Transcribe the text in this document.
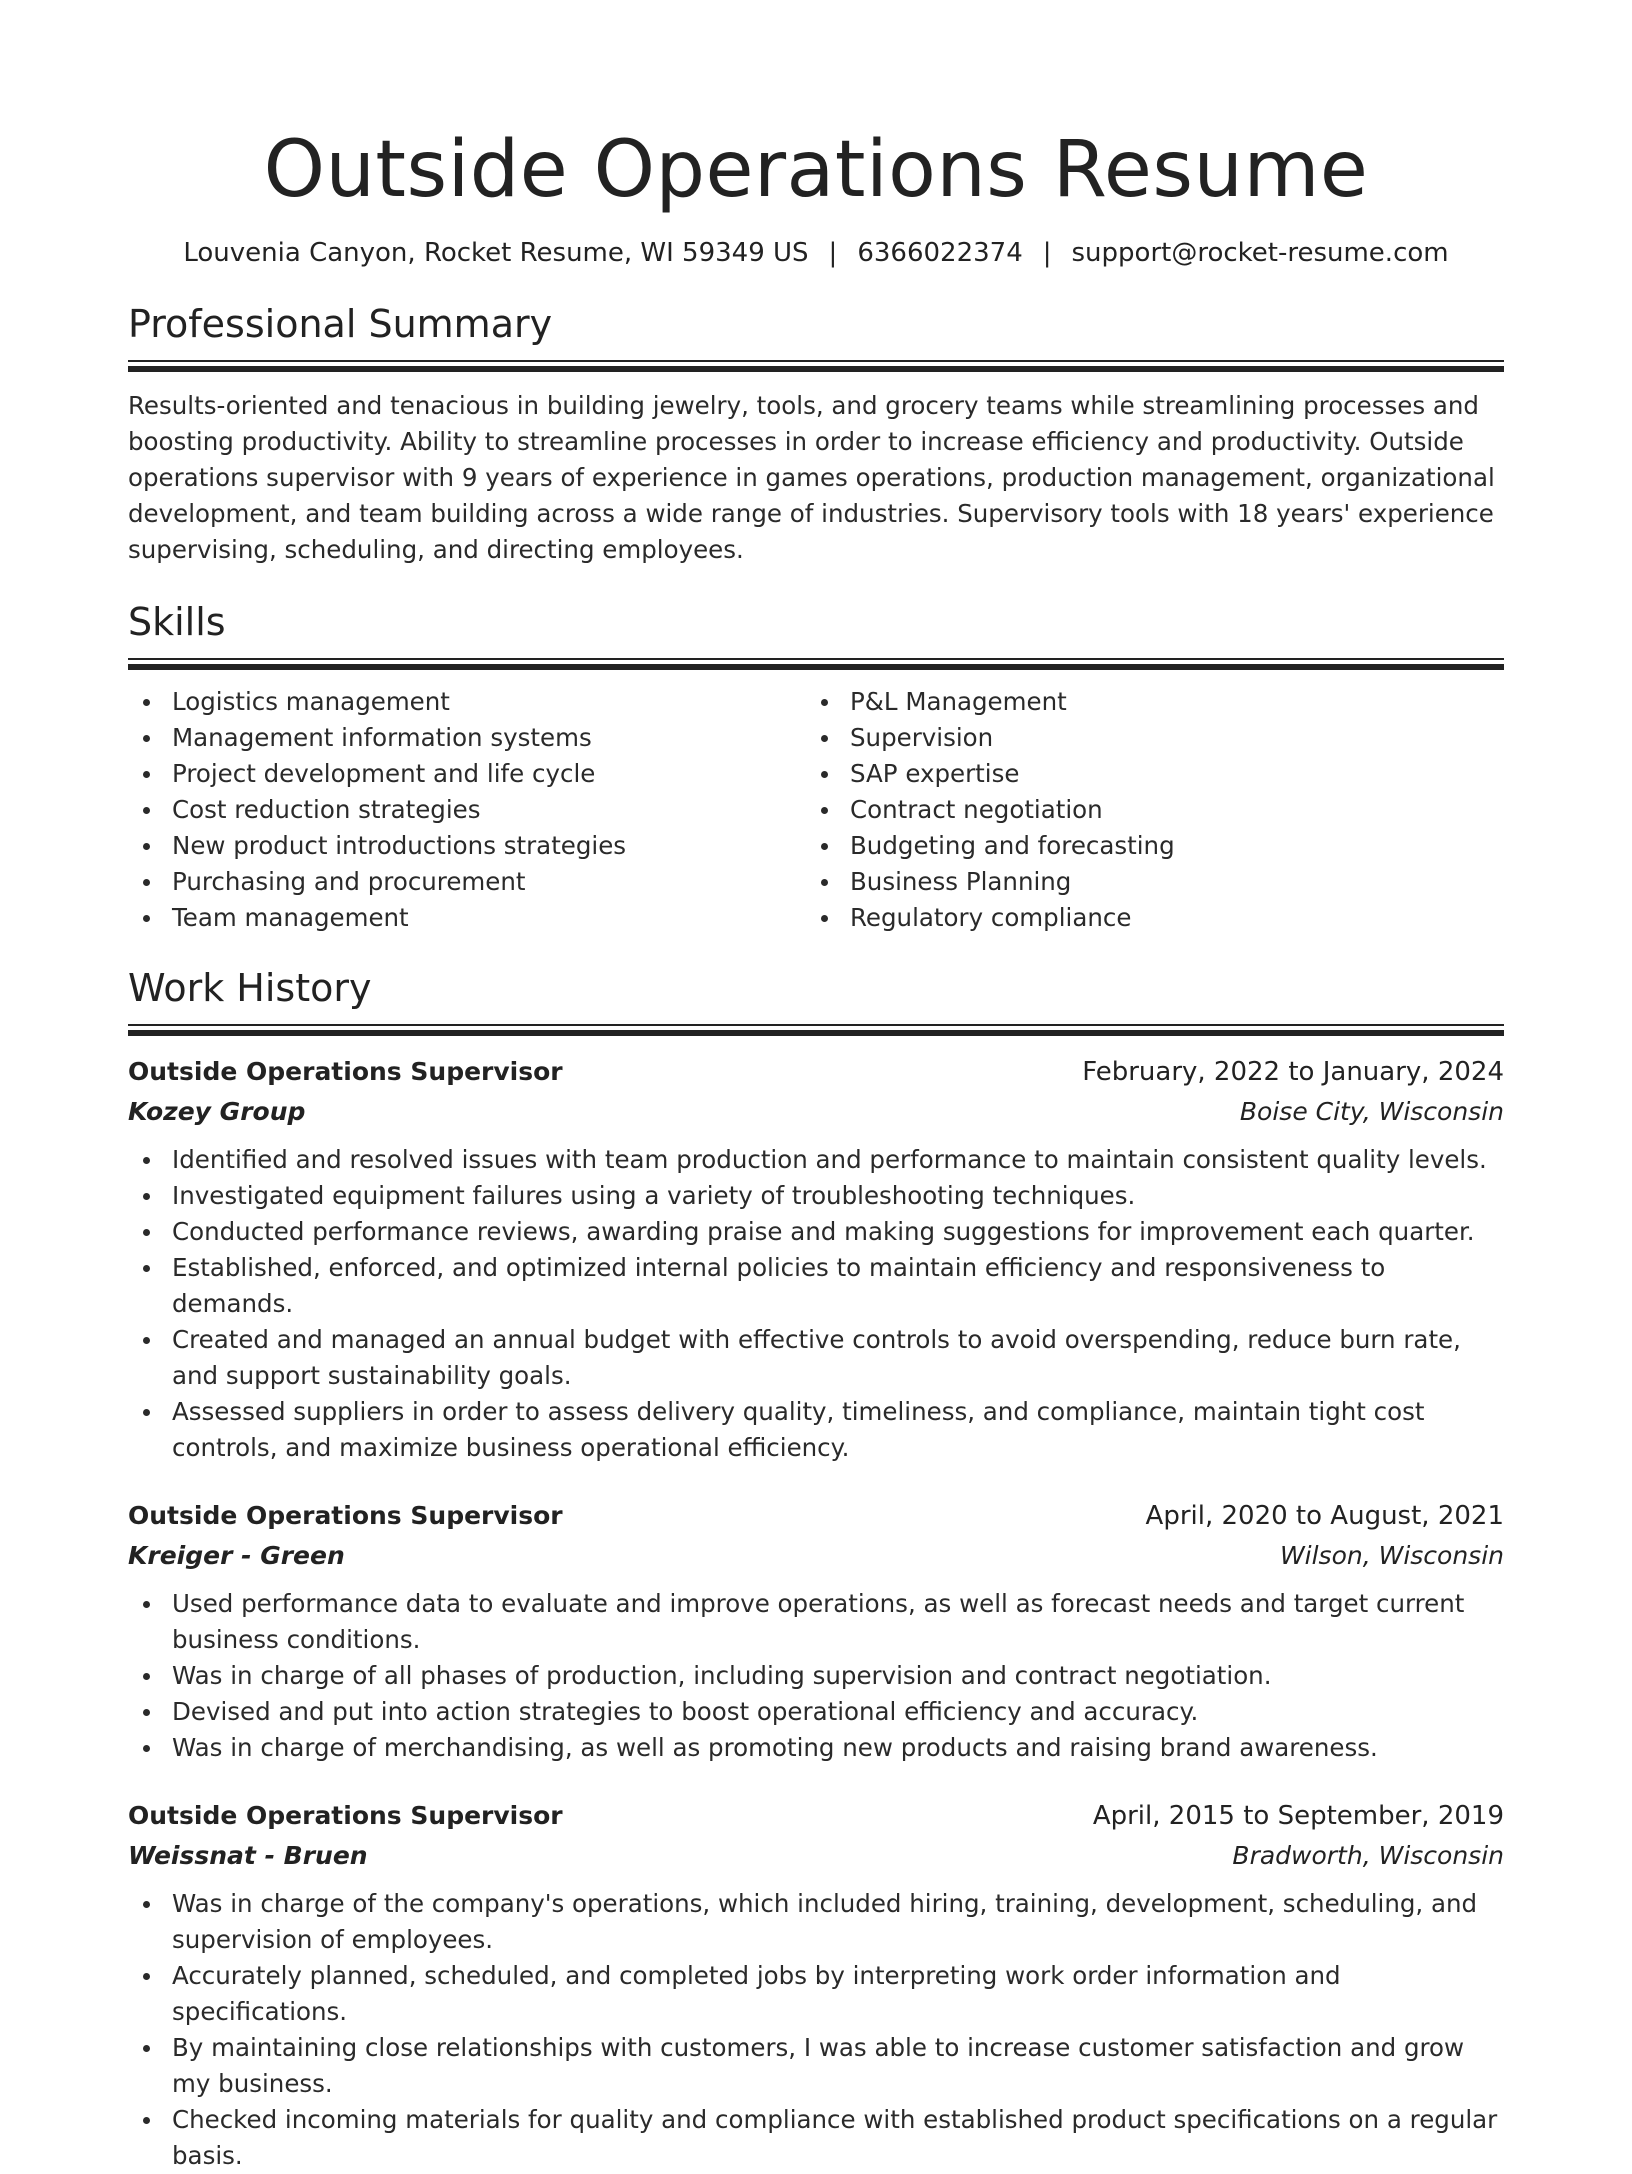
Outside Operations Resume
Louvenia Canyon, Rocket Resume, WI 59349 US | 6366022374 | support@rocket-resume.com
Professional Summary

Results-oriented and tenacious in building jewelry, tools, and grocery teams while streamlining processes and boosting productivity. Ability to streamline processes in order to increase efficiency and productivity. Outside operations supervisor with 9 years of experience in games operations, production management, organizational development, and team building across a wide range of industries. Supervisory tools with 18 years' experience supervising, scheduling, and directing employees.

Skills
Logistics management
Management information systems
Project development and life cycle
Cost reduction strategies
New product introductions strategies
Purchasing and procurement
Team management
P&L Management
Supervision
SAP expertise
Contract negotiation
Budgeting and forecasting
Business Planning
Regulatory compliance
Work History
Outside Operations Supervisor	February, 2022 to January, 2024
Kozey Group	Boise City, Wisconsin
Identified and resolved issues with team production and performance to maintain consistent quality levels.
Investigated equipment failures using a variety of troubleshooting techniques.
Conducted performance reviews, awarding praise and making suggestions for improvement each quarter.
Established, enforced, and optimized internal policies to maintain efficiency and responsiveness to demands.
Created and managed an annual budget with effective controls to avoid overspending, reduce burn rate, and support sustainability goals.
Assessed suppliers in order to assess delivery quality, timeliness, and compliance, maintain tight cost controls, and maximize business operational efficiency.
Outside Operations Supervisor	April, 2020 to August, 2021
Kreiger - Green	Wilson, Wisconsin
Used performance data to evaluate and improve operations, as well as forecast needs and target current business conditions.
Was in charge of all phases of production, including supervision and contract negotiation.
Devised and put into action strategies to boost operational efficiency and accuracy.
Was in charge of merchandising, as well as promoting new products and raising brand awareness.
Outside Operations Supervisor	April, 2015 to September, 2019
Weissnat - Bruen	Bradworth, Wisconsin
Was in charge of the company's operations, which included hiring, training, development, scheduling, and supervision of employees.
Accurately planned, scheduled, and completed jobs by interpreting work order information and specifications.
By maintaining close relationships with customers, I was able to increase customer satisfaction and grow my business.
Checked incoming materials for quality and compliance with established product specifications on a regular basis.
